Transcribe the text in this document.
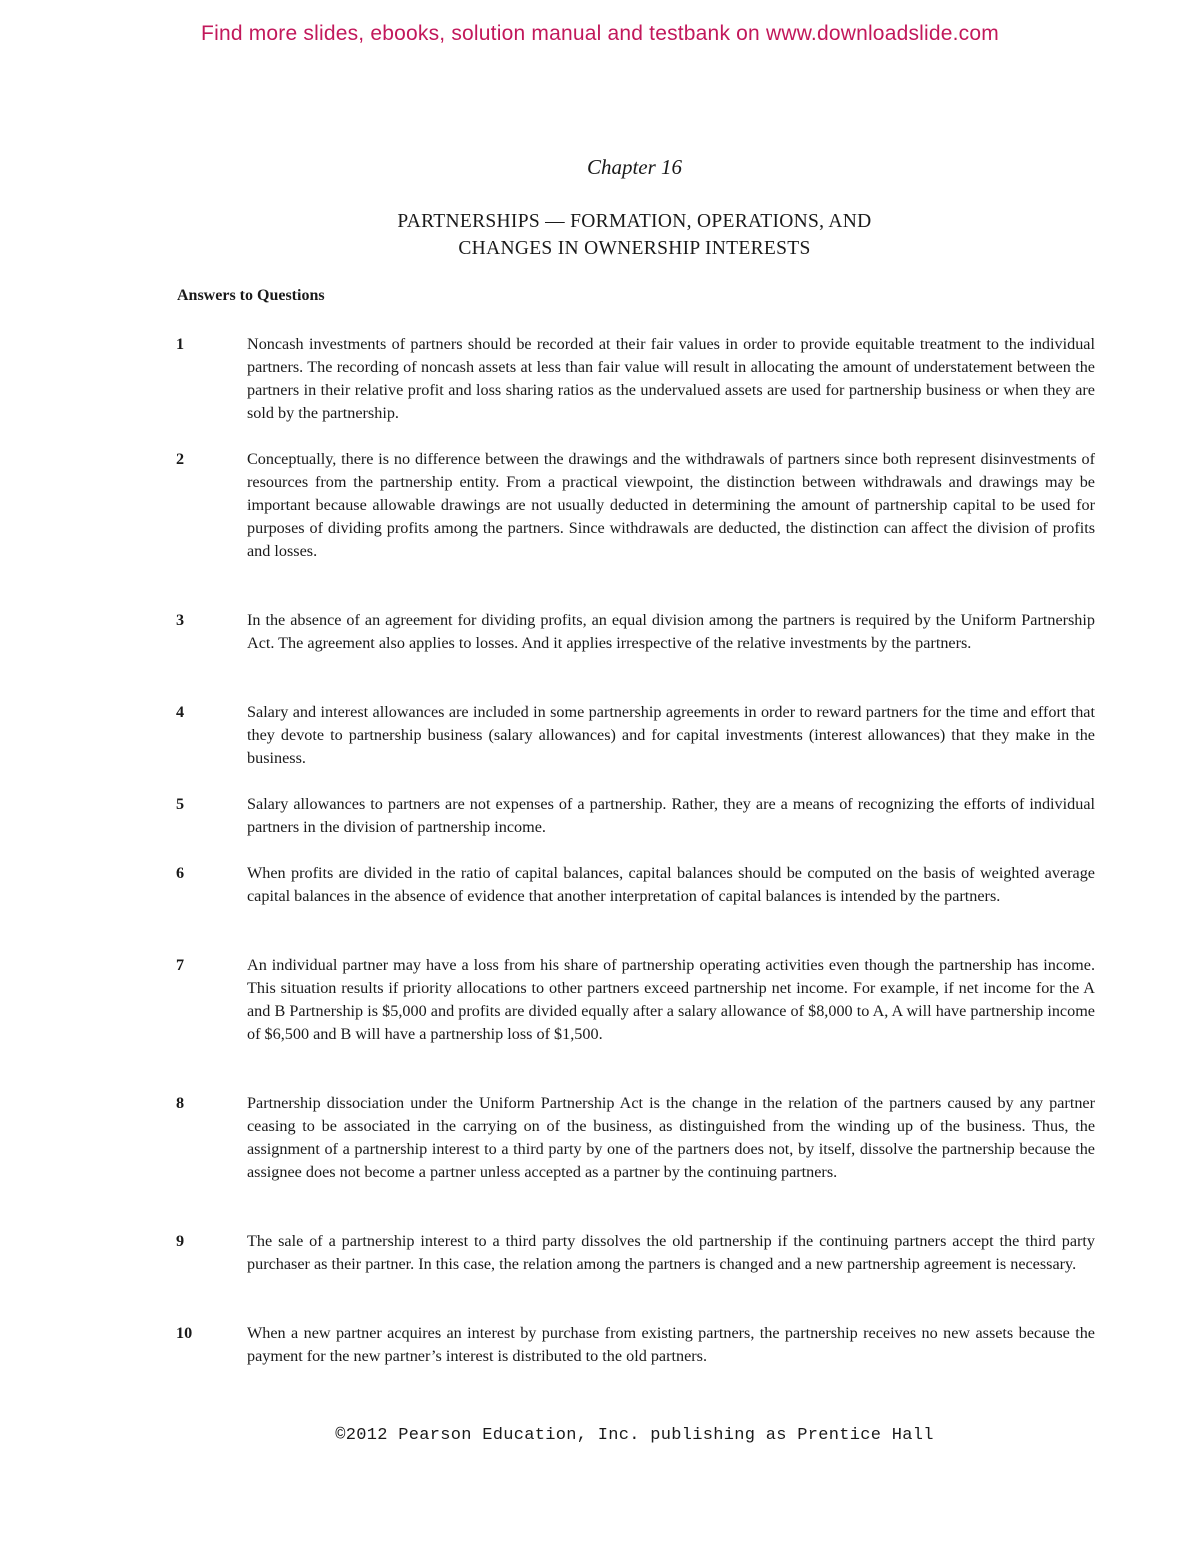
Find more slides, ebooks, solution manual and testbank on www.downloadslide.com
Chapter 16
PARTNERSHIPS — FORMATION, OPERATIONS, AND
CHANGES IN OWNERSHIP INTERESTS
Answers to Questions
1	Noncash investments of partners should be recorded at their fair values in order to provide equitable treatment to the individual partners. The recording of noncash assets at less than fair value will result in allocating the amount of understatement between the partners in their relative profit and loss sharing ratios as the undervalued assets are used for partnership business or when they are sold by the partnership.
2	Conceptually, there is no difference between the drawings and the withdrawals of partners since both represent disinvestments of resources from the partnership entity. From a practical viewpoint, the distinction between withdrawals and drawings may be important because allowable drawings are not usually deducted in determining the amount of partnership capital to be used for purposes of dividing profits among the partners. Since withdrawals are deducted, the distinction can affect the division of profits and losses.
3	In the absence of an agreement for dividing profits, an equal division among the partners is required by the Uniform Partnership Act. The agreement also applies to losses. And it applies irrespective of the relative investments by the partners.
4	Salary and interest allowances are included in some partnership agreements in order to reward partners for the time and effort that they devote to partnership business (salary allowances) and for capital investments (interest allowances) that they make in the business.
5	Salary allowances to partners are not expenses of a partnership. Rather, they are a means of recognizing the efforts of individual partners in the division of partnership income.
6	When profits are divided in the ratio of capital balances, capital balances should be computed on the basis of weighted average capital balances in the absence of evidence that another interpretation of capital balances is intended by the partners.
7	An individual partner may have a loss from his share of partnership operating activities even though the partnership has income. This situation results if priority allocations to other partners exceed partnership net income. For example, if net income for the A and B Partnership is $5,000 and profits are divided equally after a salary allowance of $8,000 to A, A will have partnership income of $6,500 and B will have a partnership loss of $1,500.
8	Partnership dissociation under the Uniform Partnership Act is the change in the relation of the partners caused by any partner ceasing to be associated in the carrying on of the business, as distinguished from the winding up of the business. Thus, the assignment of a partnership interest to a third party by one of the partners does not, by itself, dissolve the partnership because the assignee does not become a partner unless accepted as a partner by the continuing partners.
9	The sale of a partnership interest to a third party dissolves the old partnership if the continuing partners accept the third party purchaser as their partner. In this case, the relation among the partners is changed and a new partnership agreement is necessary.
10	When a new partner acquires an interest by purchase from existing partners, the partnership receives no new assets because the payment for the new partner’s interest is distributed to the old partners.
©2012 Pearson Education, Inc. publishing as Prentice Hall
